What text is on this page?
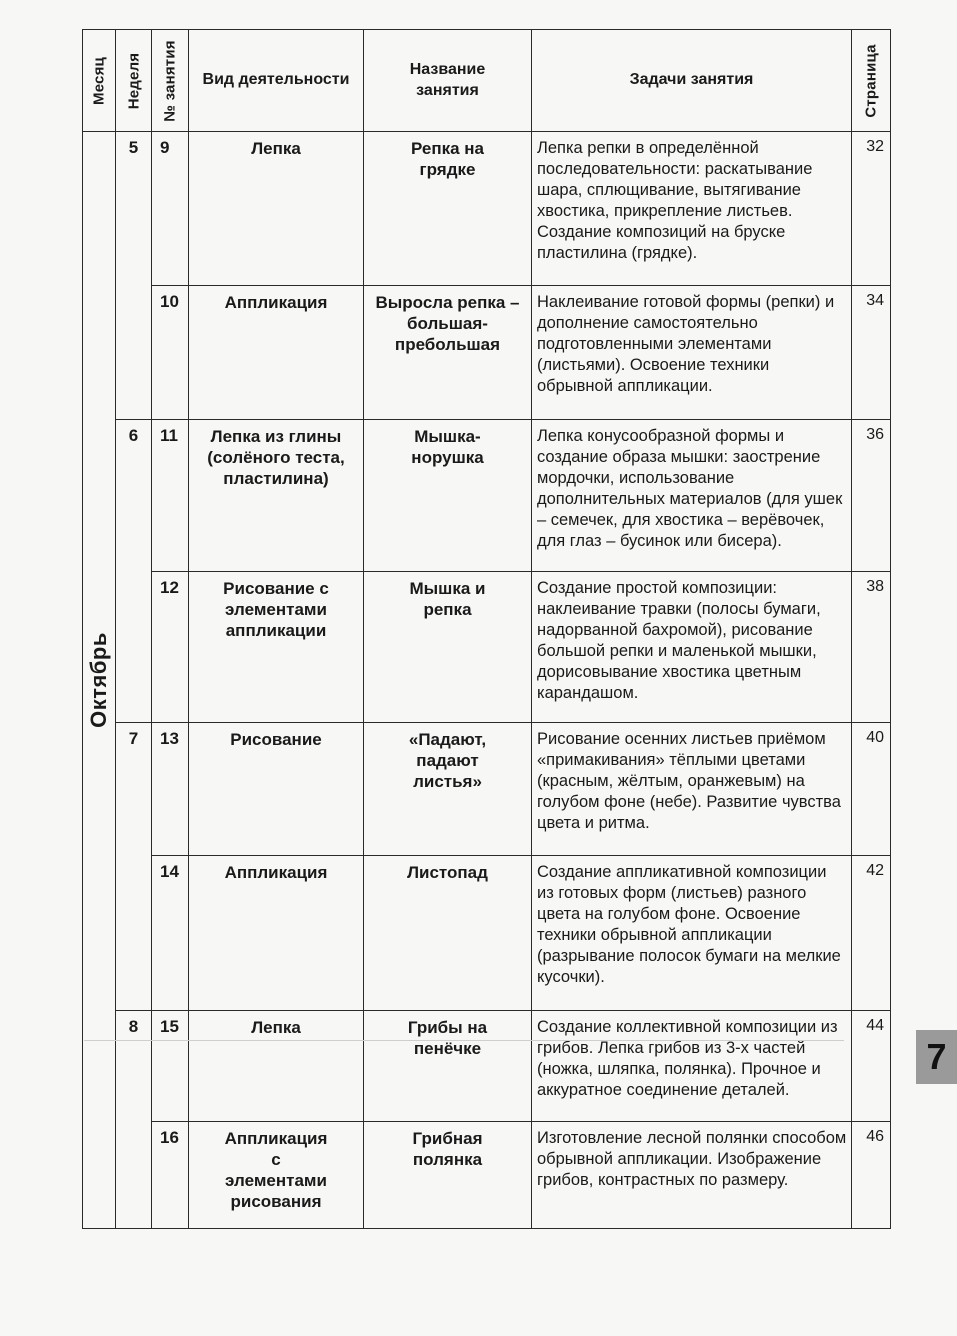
Месяц	Неделя	№ занятия	Вид деятельности	Название занятия	Задачи занятия	Страница

Октябрь	5	9	Лепка	Репка на грядке	Лепка репки в определённой последовательности: раскатывание шара, сплющивание, вытягивание хвостика, прикрепление листьев. Создание композиций на бруске пластилина (грядке).	32
		10	Аппликация	Выросла репка – большая-пребольшая	Наклеивание готовой формы (репки) и дополнение самостоятельно подготовленными элементами (листьями). Освоение техники обрывной аппликации.	34
	6	11	Лепка из глины (солёного теста, пластилина)	Мышка-норушка	Лепка конусообразной формы и создание образа мышки: заострение мордочки, использование дополнительных материалов (для ушек – семечек, для хвостика – верёвочек, для глаз – бусинок или бисера).	36
		12	Рисование с элементами аппликации	Мышка и репка	Создание простой композиции: наклеивание травки (полосы бумаги, надорванной бахромой), рисование большой репки и маленькой мышки, дорисовывание хвостика цветным карандашом.	38
	7	13	Рисование	«Падают, падают листья»	Рисование осенних листьев приёмом «примакивания» тёплыми цветами (красным, жёлтым, оранжевым) на голубом фоне (небе). Развитие чувства цвета и ритма.	40
		14	Аппликация	Листопад	Создание аппликативной композиции из готовых форм (листьев) разного цвета на голубом фоне. Освоение техники обрывной аппликации (разрывание полосок бумаги на мелкие кусочки).	42
	8	15	Лепка	Грибы на пенёчке	Создание коллективной композиции из грибов. Лепка грибов из 3-х частей (ножка, шляпка, полянка). Прочное и аккуратное соединение деталей.	44
		16	Аппликация с элементами рисования	Грибная полянка	Изготовление лесной полянки способом обрывной аппликации. Изображение грибов, контрастных по размеру.	46
7
